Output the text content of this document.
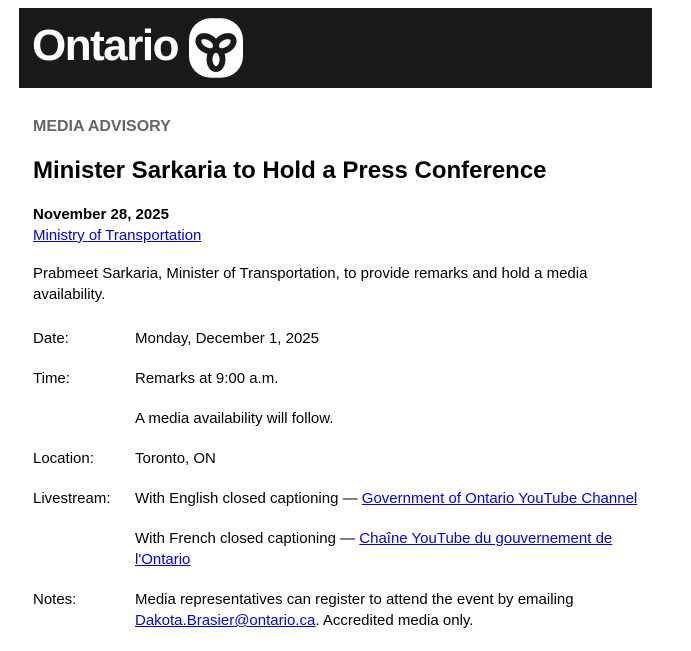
Ontario

MEDIA ADVISORY

Minister Sarkaria to Hold a Press Conference

November 28, 2025

Ministry of Transportation

Prabmeet Sarkaria, Minister of Transportation, to provide remarks and hold a media availability.

Date:	Monday, December 1, 2025

Time:	Remarks at 9:00 a.m.

A media availability will follow.

Location:	Toronto, ON

Livestream:	With English closed captioning — Government of Ontario YouTube Channel

With French closed captioning — Chaîne YouTube du gouvernement de l'Ontario

Notes:	Media representatives can register to attend the event by emailing Dakota.Brasier@ontario.ca. Accredited media only.
